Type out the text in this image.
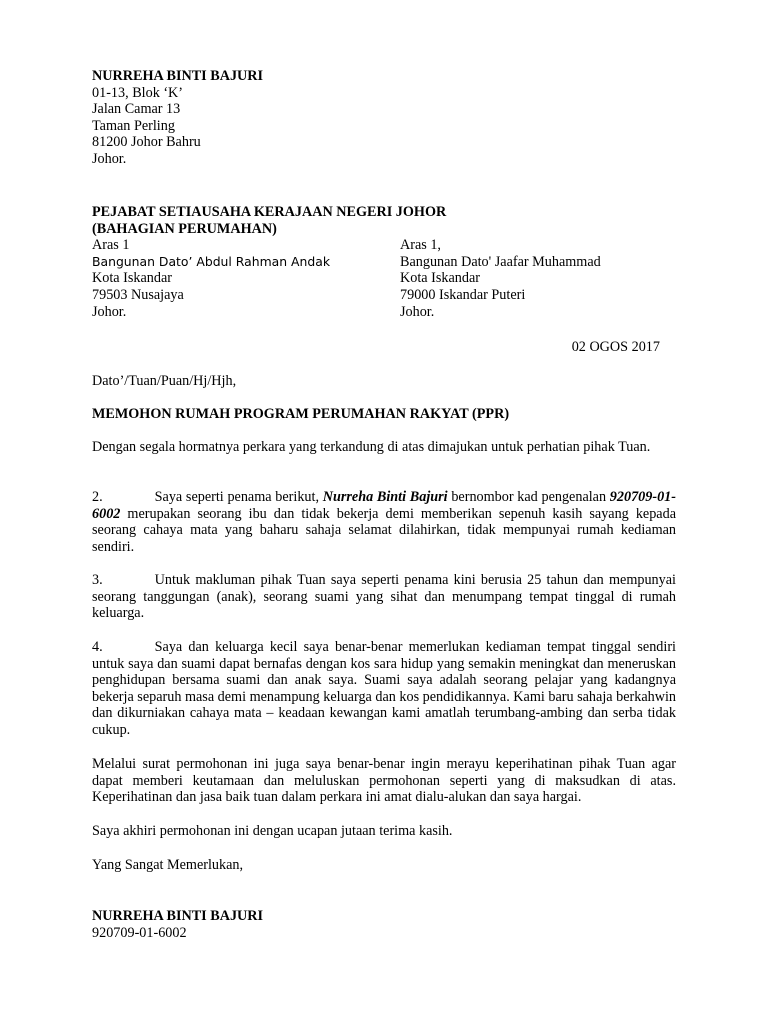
NURREHA BINTI BAJURI
01-13, Blok ‘K’
Jalan Camar 13
Taman Perling
81200 Johor Bahru
Johor.
PEJABAT SETIAUSAHA KERAJAAN NEGERI JOHOR
(BAHAGIAN PERUMAHAN)
Aras 1
Bangunan Dato’ Abdul Rahman Andak
Kota Iskandar
79503 Nusajaya
Johor.
Aras 1,
Bangunan Dato' Jaafar Muhammad
Kota Iskandar
79000 Iskandar Puteri
Johor.
02 OGOS 2017
Dato’/Tuan/Puan/Hj/Hjh,
MEMOHON RUMAH PROGRAM PERUMAHAN RAKYAT (PPR)

Dengan segala hormatnya perkara yang terkandung di atas dimajukan untuk perhatian pihak Tuan.

2.	Saya seperti penama berikut, Nurreha Binti Bajuri bernombor kad pengenalan 920709-01-6002 merupakan seorang ibu dan tidak bekerja demi memberikan sepenuh kasih sayang kepada seorang cahaya mata yang baharu sahaja selamat dilahirkan, tidak mempunyai rumah kediaman sendiri.

3.	Untuk makluman pihak Tuan saya seperti penama kini berusia 25 tahun dan mempunyai seorang tanggungan (anak), seorang suami yang sihat dan menumpang tempat tinggal di rumah keluarga.

4.	Saya dan keluarga kecil saya benar-benar memerlukan kediaman tempat tinggal sendiri untuk saya dan suami dapat bernafas dengan kos sara hidup yang semakin meningkat dan meneruskan penghidupan bersama suami dan anak saya. Suami saya adalah seorang pelajar yang kadangnya bekerja separuh masa demi menampung keluarga dan kos pendidikannya. Kami baru sahaja berkahwin dan dikurniakan cahaya mata – keadaan kewangan kami amatlah terumbang-ambing dan serba tidak cukup.

Melalui surat permohonan ini juga saya benar-benar ingin merayu keperihatinan pihak Tuan agar dapat memberi keutamaan dan meluluskan permohonan seperti yang di maksudkan di atas. Keperihatinan dan jasa baik tuan dalam perkara ini amat dialu-alukan dan saya hargai.

Saya akhiri permohonan ini dengan ucapan jutaan terima kasih.

Yang Sangat Memerlukan,
NURREHA BINTI BAJURI
920709-01-6002
